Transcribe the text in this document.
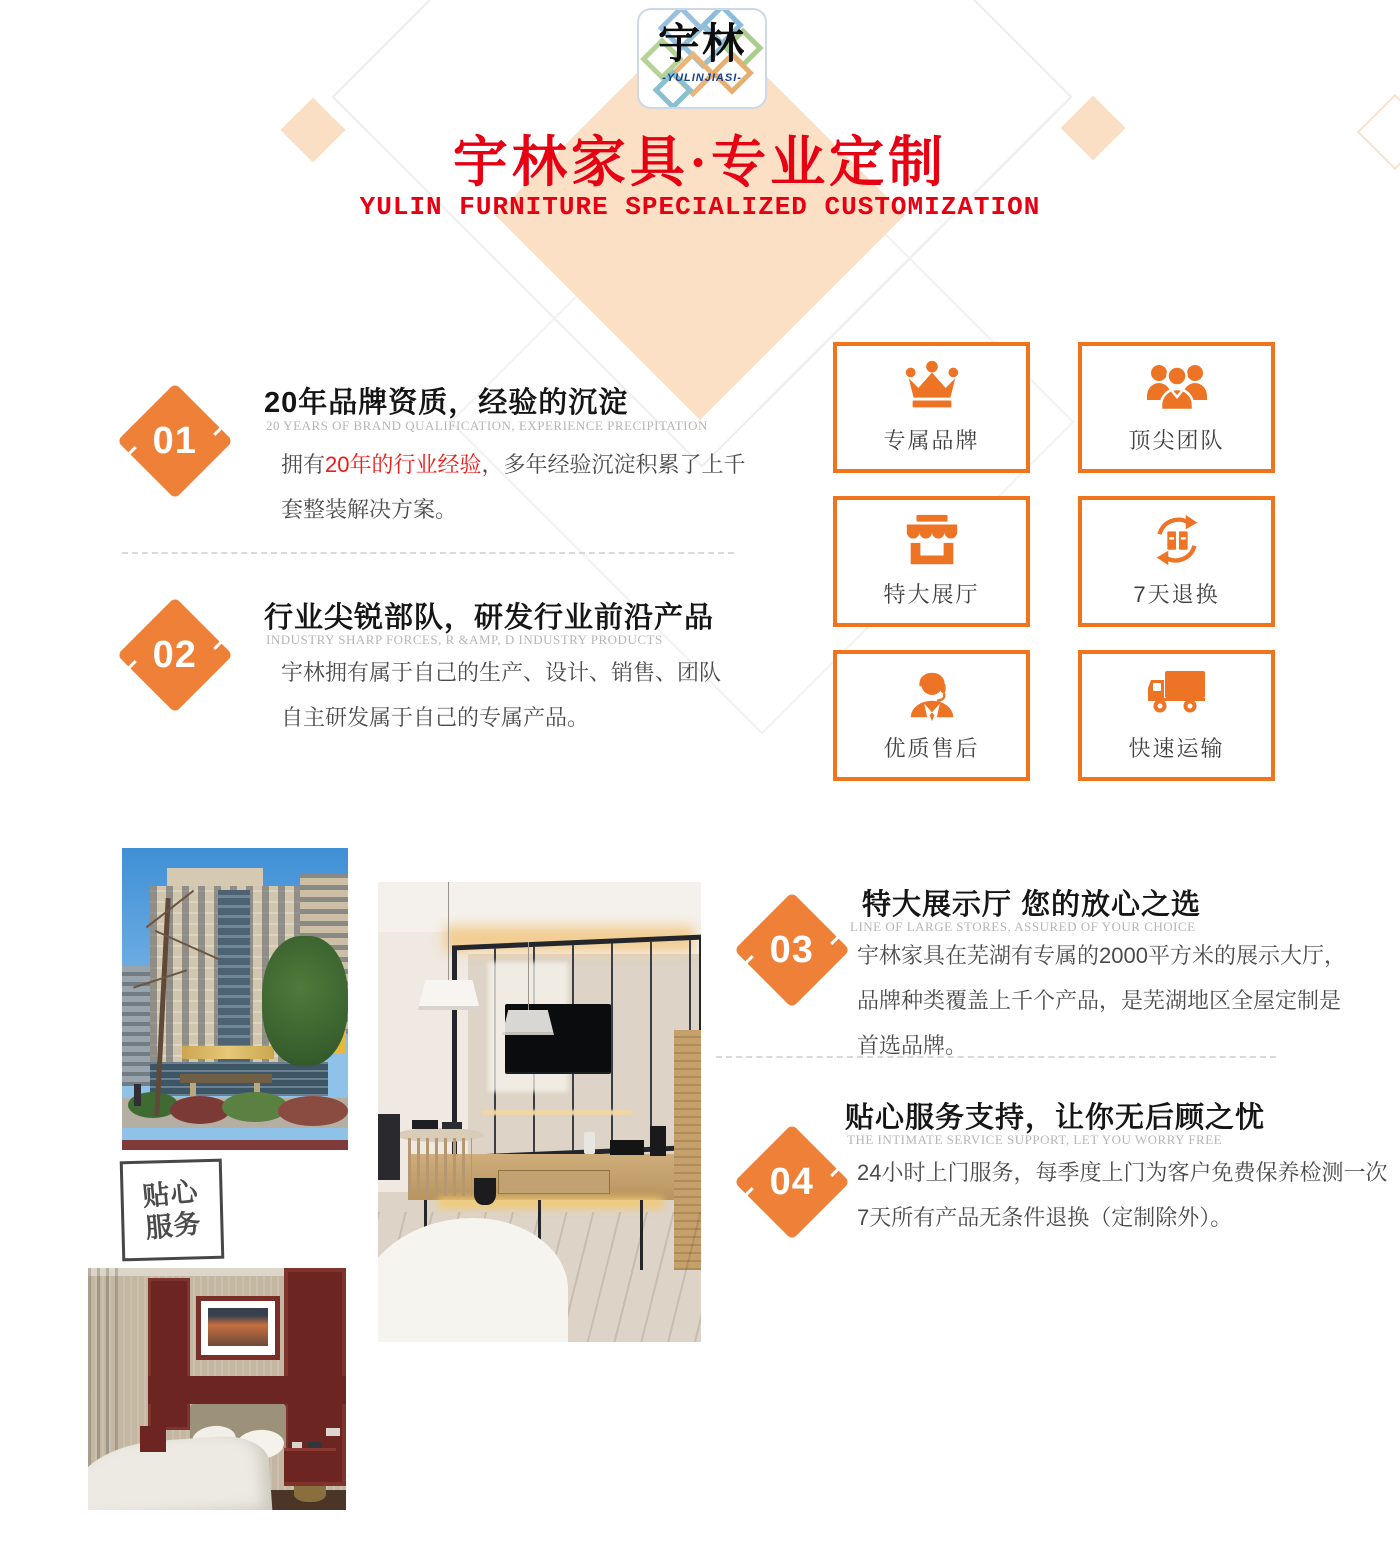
宇林
-YULINJIASI-
宇林家具·专业定制
YULIN FURNITURE SPECIALIZED CUSTOMIZATION
01
20年品牌资质，经验的沉淀
20 YEARS OF BRAND QUALIFICATION, EXPERIENCE PRECIPITATION
拥有20年的行业经验，多年经验沉淀积累了上千
套整装解决方案。
02
行业尖锐部队，研发行业前沿产品
INDUSTRY SHARP FORCES, R &AMP, D INDUSTRY PRODUCTS
宇林拥有属于自己的生产、设计、销售、团队
自主研发属于自己的专属产品。
专属品牌	顶尖团队
特大展厅	7天退换
优质售后	快速运输
贴心
服务
03
特大展示厅 您的放心之选
LINE OF LARGE STORES, ASSURED OF YOUR CHOICE
宇林家具在芜湖有专属的2000平方米的展示大厅，
品牌种类覆盖上千个产品，是芜湖地区全屋定制是
首选品牌。
04
贴心服务支持，让你无后顾之忧
THE INTIMATE SERVICE SUPPORT, LET YOU WORRY FREE
24小时上门服务，每季度上门为客户免费保养检测一次
7天所有产品无条件退换（定制除外）。
